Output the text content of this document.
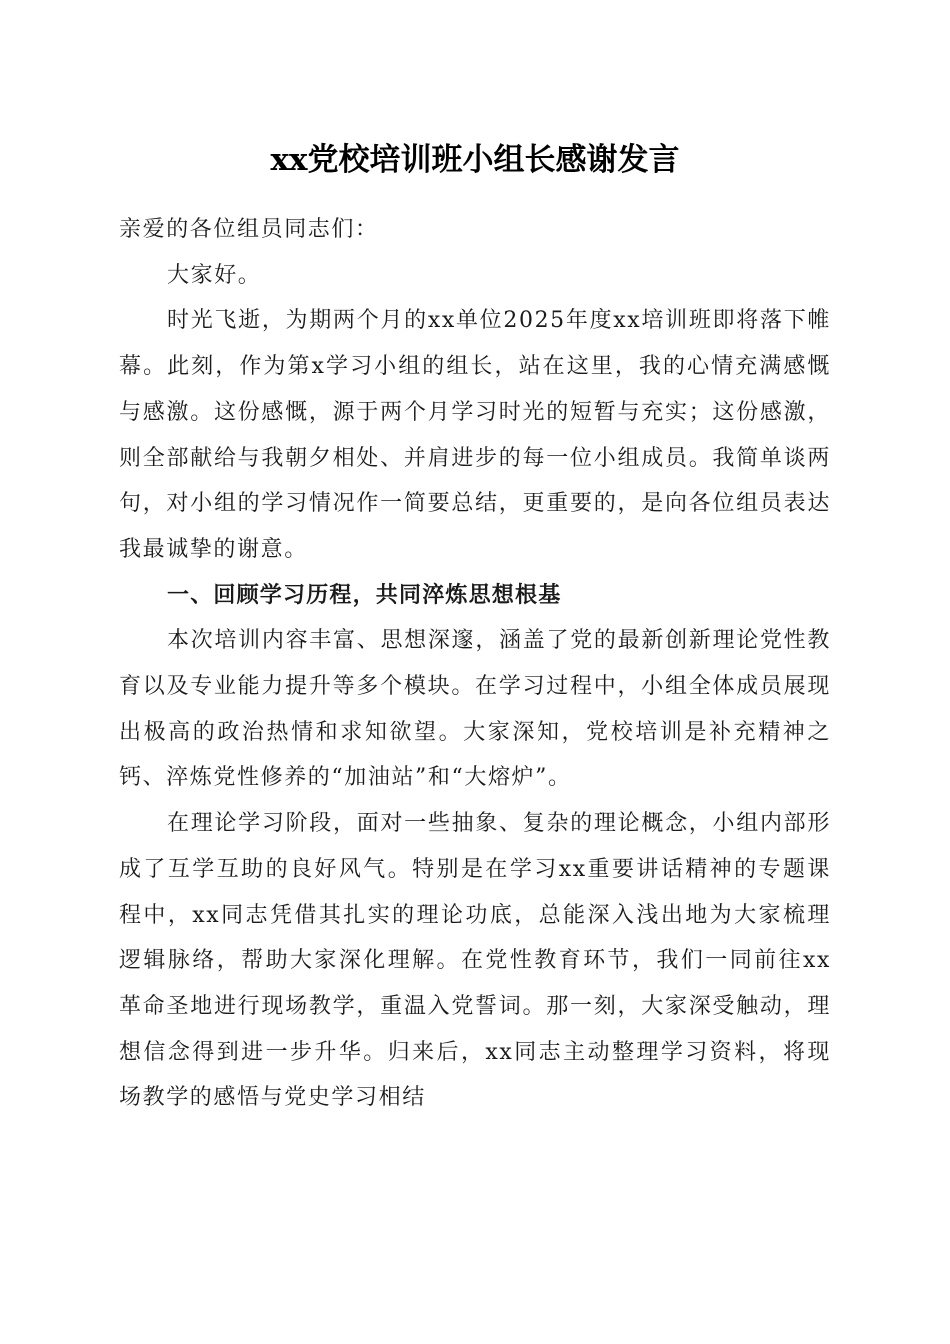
xx党校培训班小组长感谢发言

亲爱的各位组员同志们：

大家好。

时光飞逝，为期两个月的xx单位2025年度xx培训班即将落下帷幕。此刻，作为第x学习小组的组长，站在这里，我的心情充满感慨与感激。这份感慨，源于两个月学习时光的短暂与充实；这份感激，则全部献给与我朝夕相处、并肩进步的每一位小组成员。我简单谈两句，对小组的学习情况作一简要总结，更重要的，是向各位组员表达我最诚挚的谢意。

一、回顾学习历程，共同淬炼思想根基

本次培训内容丰富、思想深邃，涵盖了党的最新创新理论党性教育以及专业能力提升等多个模块。在学习过程中，小组全体成员展现出极高的政治热情和求知欲望。大家深知，党校培训是补充精神之钙、淬炼党性修养的“加油站”和“大熔炉”。

在理论学习阶段，面对一些抽象、复杂的理论概念，小组内部形成了互学互助的良好风气。特别是在学习xx重要讲话精神的专题课程中，xx同志凭借其扎实的理论功底，总能深入浅出地为大家梳理逻辑脉络，帮助大家深化理解。在党性教育环节，我们一同前往xx革命圣地进行现场教学，重温入党誓词。那一刻，大家深受触动，理想信念得到进一步升华。归来后，xx同志主动整理学习资料，将现场教学的感悟与党史学习相结
